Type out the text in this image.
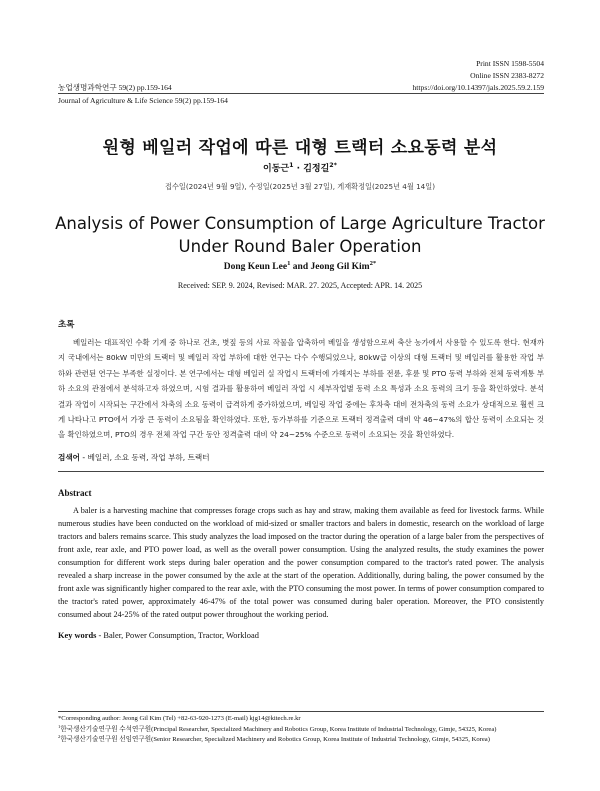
Print ISSN 1598-5504
Online ISSN 2383-8272
https://doi.org/10.14397/jals.2025.59.2.159
농업생명과학연구 59(2) pp.159-164
Journal of Agriculture & Life Science 59(2) pp.159-164
원형 베일러 작업에 따른 대형 트랙터 소요동력 분석
이동근$^1$ · 김정길$^{2*}$
접수일(2024년 9월 9일), 수정일(2025년 3월 27일), 게재확정일(2025년 4월 14일)
Analysis of Power Consumption of Large Agriculture Tractor
Under Round Baler Operation
Dong Keun Lee$^1$ and Jeong Gil Kim$^{2*}$
Received: SEP. 9. 2024, Revised: MAR. 27. 2025, Accepted: APR. 14. 2025
초록
베일러는 대표적인 수확 기계 중 하나로 건초, 볏짚 등의 사료 작물을 압축하여 베일을 생성함으로써 축산 농가에서 사용할 수 있도록 한다. 현재까지 국내에서는 80kW 미만의 트랙터 및 베일러 작업 부하에 대한 연구는 다수 수행되었으나, 80kW급 이상의 대형 트랙터 및 베일러를 활용한 작업 부하와 관련된 연구는 부족한 실정이다. 본 연구에서는 대형 베일러 실 작업시 트랙터에 가해지는 부하를 전륜, 후륜 및 PTO 동력 부하와 전체 동력계통 부하 소요의 관점에서 분석하고자 하였으며, 시험 결과를 활용하여 베일러 작업 시 세부작업별 동력 소요 특성과 소요 동력의 크기 등을 확인하였다. 분석 결과 작업이 시작되는 구간에서 차축의 소요 동력이 급격하게 증가하였으며, 베일링 작업 중에는 후차축 대비 전차축의 동력 소요가 상대적으로 훨씬 크게 나타나고 PTO에서 가장 큰 동력이 소요됨을 확인하였다. 또한, 동가부하를 기준으로 트랙터 정격출력 대비 약 46~47%의 합산 동력이 소요되는 것을 확인하였으며, PTO의 경우 전체 작업 구간 동안 정격출력 대비 약 24~25% 수준으로 동력이 소요되는 것을 확인하였다.
검색어 - 베일러, 소요 동력, 작업 부하, 트랙터
Abstract
A baler is a harvesting machine that compresses forage crops such as hay and straw, making them available as feed for livestock farms. While numerous studies have been conducted on the workload of mid-sized or smaller tractors and balers in domestic, research on the workload of large tractors and balers remains scarce. This study analyzes the load imposed on the tractor during the operation of a large baler from the perspectives of front axle, rear axle, and PTO power load, as well as the overall power consumption. Using the analyzed results, the study examines the power consumption for different work steps during baler operation and the power consumption compared to the tractor's rated power. The analysis revealed a sharp increase in the power consumed by the axle at the start of the operation. Additionally, during baling, the power consumed by the front axle was significantly higher compared to the rear axle, with the PTO consuming the most power. In terms of power consumption compared to the tractor's rated power, approximately 46-47% of the total power was consumed during baler operation. Moreover, the PTO consistently consumed about 24-25% of the rated output power throughout the working period.
Key words - Baler, Power Consumption, Tractor, Workload
*Corresponding author: Jeong Gil Kim (Tel) +82-63-920-1273 (E-mail) kjg14@kitech.re.kr
$^1$한국생산기술연구원 수석연구원(Principal Researcher, Specialized Machinery and Robotics Group, Korea Institute of Industrial Technology, Gimje, 54325, Korea)
$^2$한국생산기술연구원 선임연구원(Senior Researcher, Specialized Machinery and Robotics Group, Korea Institute of Industrial Technology, Gimje, 54325, Korea)
